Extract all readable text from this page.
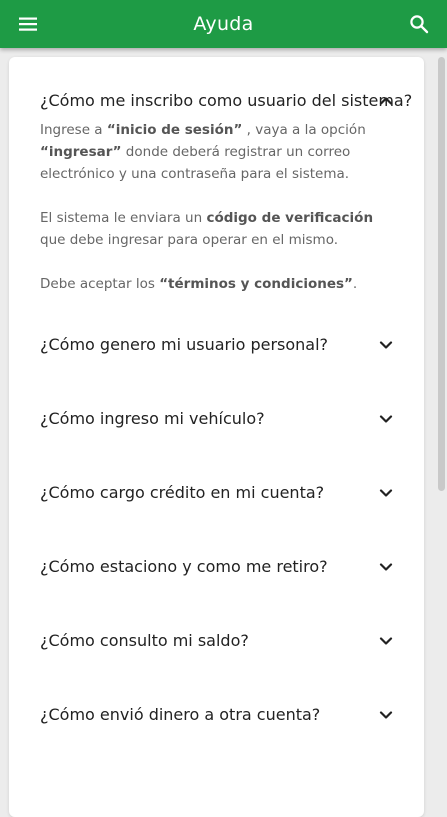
Ayuda
¿Cómo me inscribo como usuario del sistema?

Ingrese a “inicio de sesión” , vaya a la opción “ingresar” donde deberá registrar un correo electrónico y una contraseña para el sistema.

El sistema le enviara un código de verificación que debe ingresar para operar en el mismo.

Debe aceptar los “términos y condiciones”.

¿Cómo genero mi usuario personal?
¿Cómo ingreso mi vehículo?
¿Cómo cargo crédito en mi cuenta?
¿Cómo estaciono y como me retiro?
¿Cómo consulto mi saldo?
¿Cómo envió dinero a otra cuenta?
